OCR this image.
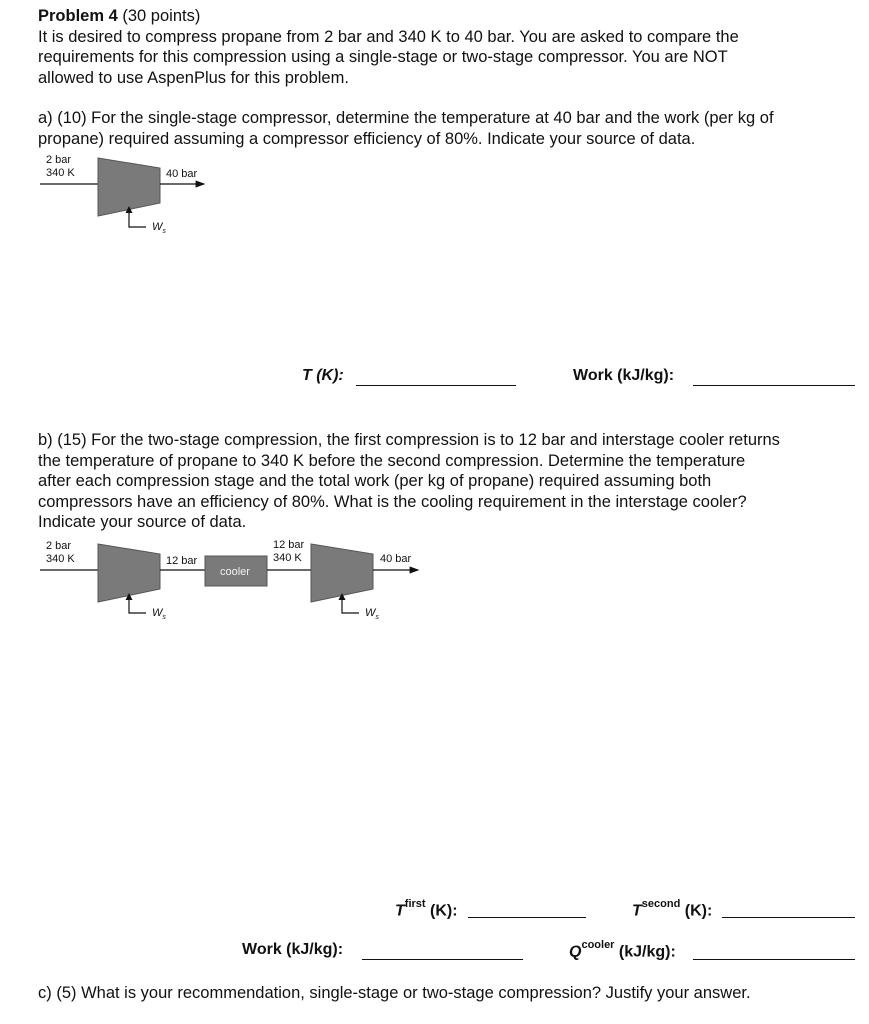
Problem 4 (30 points)
It is desired to compress propane from 2 bar and 340 K to 40 bar. You are asked to compare the
requirements for this compression using a single-stage or two-stage compressor. You are NOT
allowed to use AspenPlus for this problem.
a) (10) For the single-stage compressor, determine the temperature at 40 bar and the work (per kg of
propane) required assuming a compressor efficiency of 80%. Indicate your source of data.
2 bar
340 K	40 bar
$W_s$
T (K):	Work (kJ/kg):
b) (15) For the two-stage compression, the first compression is to 12 bar and interstage cooler returns
the temperature of propane to 340 K before the second compression. Determine the temperature
after each compression stage and the total work (per kg of propane) required assuming both
compressors have an efficiency of 80%. What is the cooling requirement in the interstage cooler?
Indicate your source of data.
2 bar
340 K	12 bar
cooler
12 bar
340 K	40 bar
$W_s$	$W_s$
$T^{first}$ (K):	$T^{second}$ (K):
Work (kJ/kg):	$Q^{cooler}$ (kJ/kg):
c) (5) What is your recommendation, single-stage or two-stage compression? Justify your answer.
